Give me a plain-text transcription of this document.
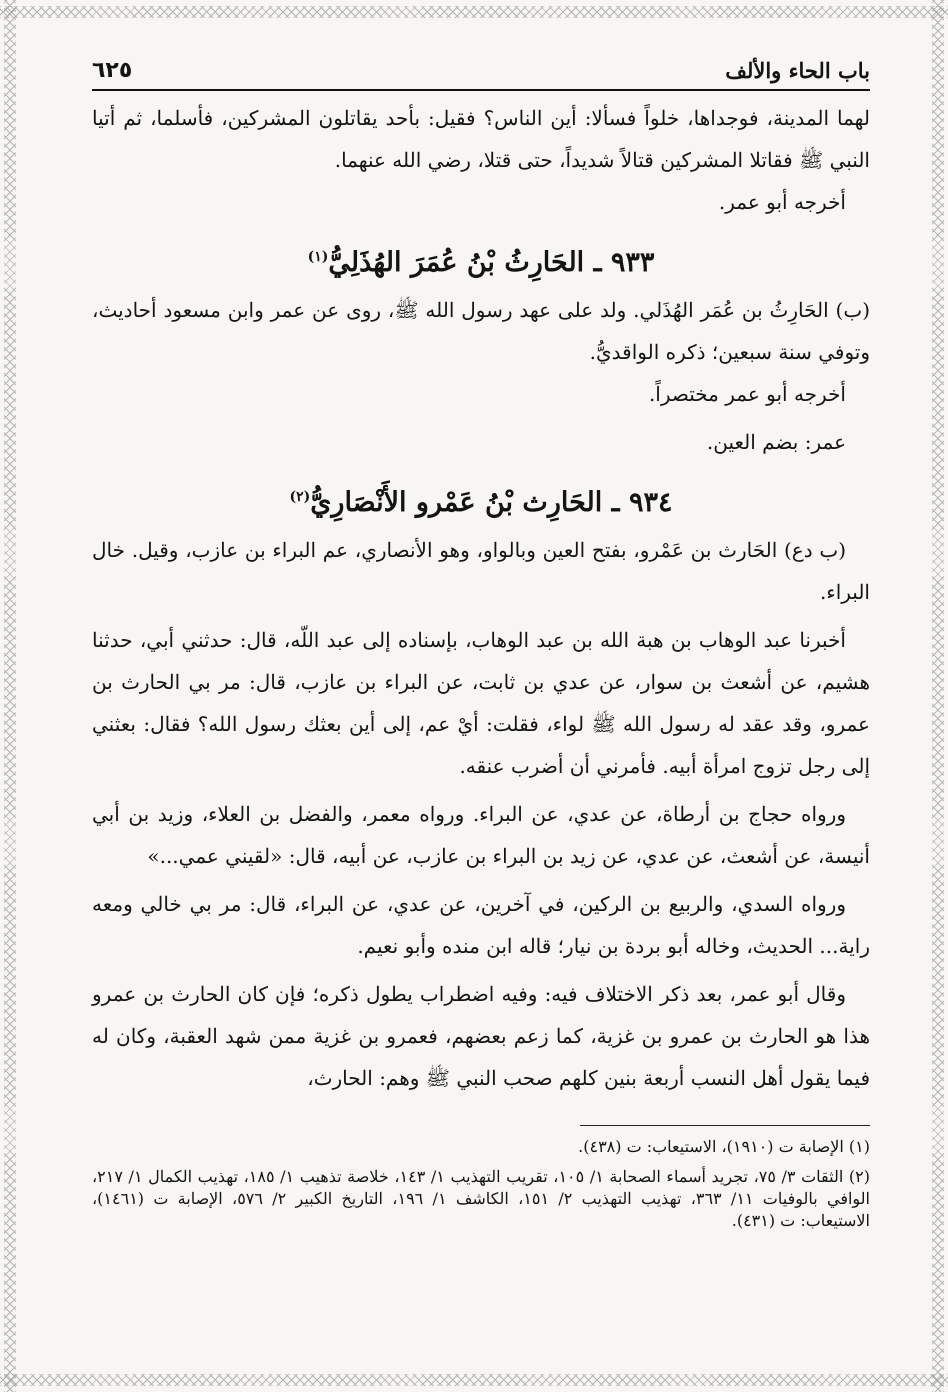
باب الحاء والألف
٦٢٥

لهما المدينة، فوجداها، خلواً فسألا: أين الناس؟ فقيل: بأحد يقاتلون المشركين، فأسلما، ثم أتيا النبي ﷺ فقاتلا المشركين قتالاً شديداً، حتى قتلا، رضي الله عنهما.

أخرجه أبو عمر.

٩٣٣ ـ الحَارِثُ بْنُ عُمَرَ الهُذَلِيُّ$^{(١)}$

(ب) الحَارِثُ بن عُمَر الهُذَلي. ولد على عهد رسول الله ﷺ، روى عن عمر وابن مسعود أحاديث، وتوفي سنة سبعين؛ ذكره الواقديُّ.

أخرجه أبو عمر مختصراً.

عمر: بضم العين.

٩٣٤ ـ الحَارِث بْنُ عَمْرو الأَنْصَارِيُّ$^{(٢)}$

(ب دع) الحَارث بن عَمْرو، بفتح العين وبالواو، وهو الأنصاري، عم البراء بن عازب، وقيل. خال البراء.

أخبرنا عبد الوهاب بن هبة الله بن عبد الوهاب، بإسناده إلى عبد اللّه، قال: حدثني أبي، حدثنا هشيم، عن أشعث بن سوار، عن عدي بن ثابت، عن البراء بن عازب، قال: مر بي الحارث بن عمرو، وقد عقد له رسول الله ﷺ لواء، فقلت: أيْ عم، إلى أين بعثك رسول الله؟ فقال: بعثني إلى رجل تزوج امرأة أبيه. فأمرني أن أضرب عنقه.

ورواه حجاج بن أرطاة، عن عدي، عن البراء. ورواه معمر، والفضل بن العلاء، وزيد بن أبي أنيسة، عن أشعث، عن عدي، عن زيد بن البراء بن عازب، عن أبيه، قال: «لقيني عمي...»

ورواه السدي، والربيع بن الركين، في آخرين، عن عدي، عن البراء، قال: مر بي خالي ومعه راية... الحديث، وخاله أبو بردة بن نيار؛ قاله ابن منده وأبو نعيم.

وقال أبو عمر، بعد ذكر الاختلاف فيه: وفيه اضطراب يطول ذكره؛ فإن كان الحارث بن عمرو هذا هو الحارث بن عمرو بن غزية، كما زعم بعضهم، فعمرو بن غزية ممن شهد العقبة، وكان له فيما يقول أهل النسب أربعة بنين كلهم صحب النبي ﷺ وهم: الحارث،

(١) الإصابة ت (١٩١٠)، الاستيعاب: ت (٤٣٨).

(٢) الثقات ٣/ ٧٥، تجريد أسماء الصحابة ١/ ١٠٥، تقريب التهذيب ١/ ١٤٣، خلاصة تذهيب ١/ ١٨٥، تهذيب الكمال ١/ ٢١٧، الوافي بالوفيات ١١/ ٣٦٣، تهذيب التهذيب ٢/ ١٥١، الكاشف ١/ ١٩٦، التاريخ الكبير ٢/ ٥٧٦، الإصابة ت (١٤٦١)، الاستيعاب: ت (٤٣١).
